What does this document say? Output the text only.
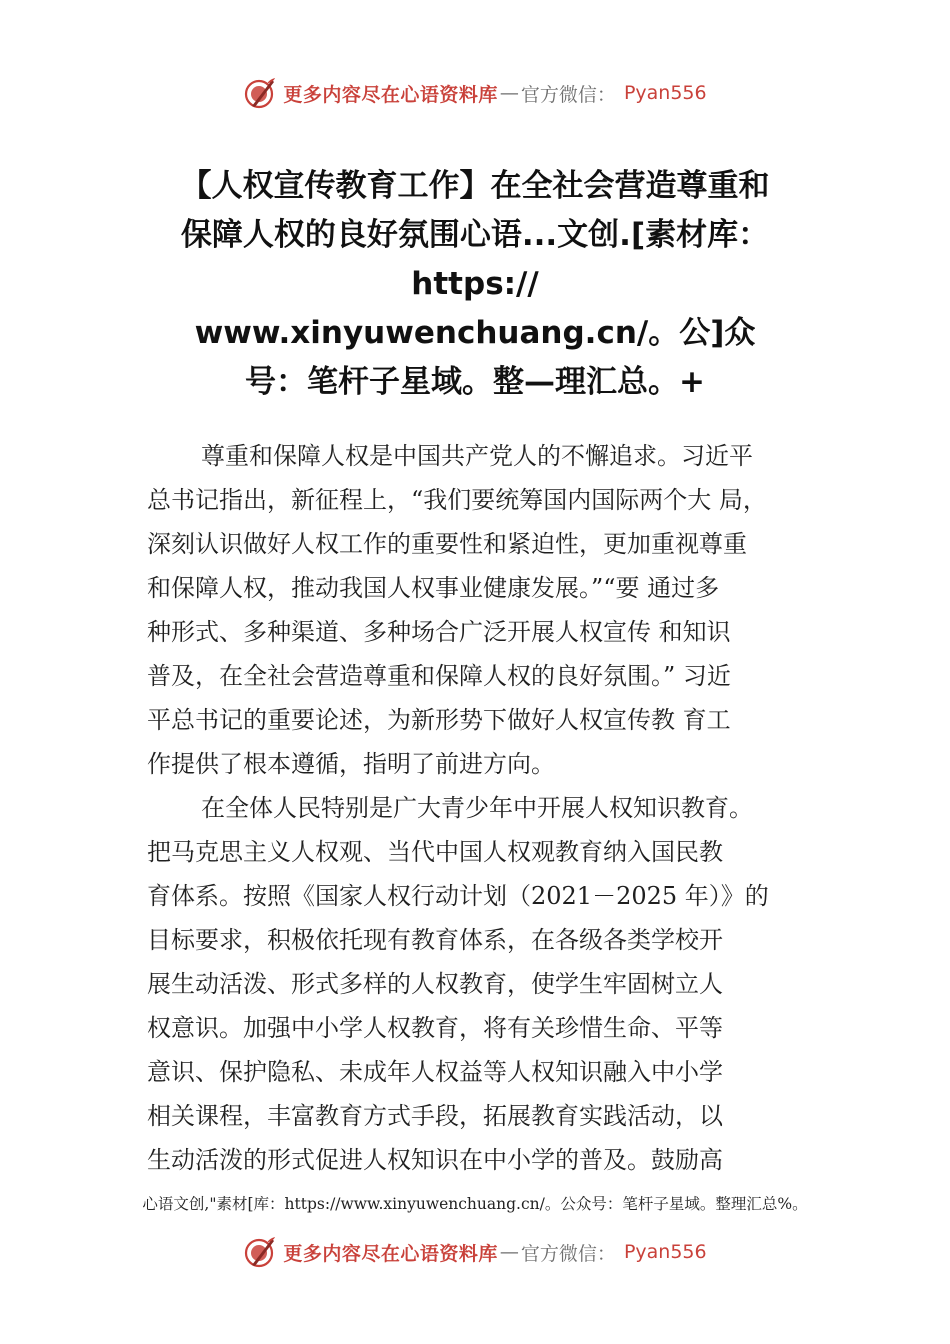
更多内容尽在心语资料库 — 官方微信： Pyan556
【人权宣传教育工作】在全社会营造尊重和
保障人权的良好氛围心语...文创.[素材库：
https://
www.xinyuwenchuang.cn/。公]众
号：笔杆子星域。整—理汇总。+

尊重和保障人权是中国共产党人的不懈追求。习近平
总书记指出，新征程上，“我们要统筹国内国际两个大 局，
深刻认识做好人权工作的重要性和紧迫性，更加重视尊重
和保障人权，推动我国人权事业健康发展。”“要 通过多
种形式、多种渠道、多种场合广泛开展人权宣传 和知识
普及，在全社会营造尊重和保障人权的良好氛围。” 习近
平总书记的重要论述，为新形势下做好人权宣传教 育工
作提供了根本遵循，指明了前进方向。

在全体人民特别是广大青少年中开展人权知识教育。
把马克思主义人权观、当代中国人权观教育纳入国民教
育体系。按照《国家人权行动计划（2021－2025 年）》的
目标要求，积极依托现有教育体系，在各级各类学校开
展生动活泼、形式多样的人权教育，使学生牢固树立人
权意识。加强中小学人权教育，将有关珍惜生命、平等
意识、保护隐私、未成年人权益等人权知识融入中小学
相关课程，丰富教育方式手段，拓展教育实践活动，以
生动活泼的形式促进人权知识在中小学的普及。鼓励高

心语文创,"素材[库：https://www.xinyuwenchuang.cn/。公众号：笔杆子星域。整理汇总%。
更多内容尽在心语资料库 — 官方微信： Pyan556
